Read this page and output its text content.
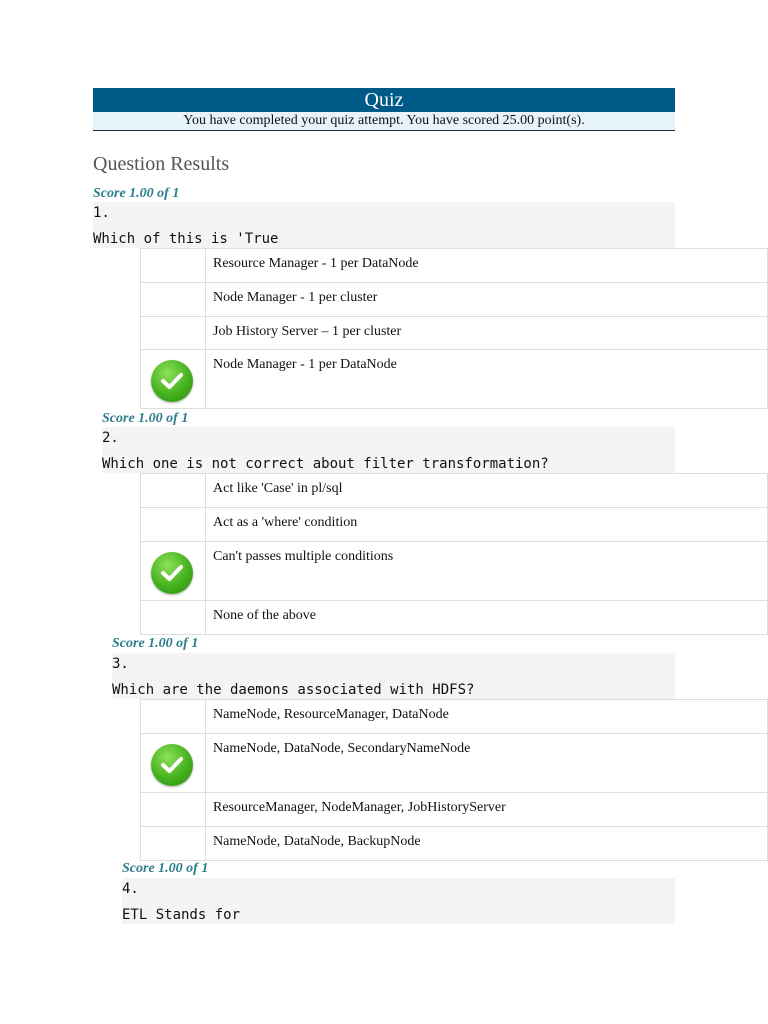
Quiz
You have completed your quiz attempt. You have scored 25.00 point(s).
Question Results
Score 1.00 of 1
1.
Which of this is 'True
	Resource Manager - 1 per DataNode
	Node Manager - 1 per cluster
	Job History Server – 1 per cluster

	Node Manager - 1 per DataNode
Score 1.00 of 1
2.
Which one is not correct about filter transformation?
	Act like 'Case' in pl/sql
	Act as a 'where' condition

	Can't passes multiple conditions
	None of the above
Score 1.00 of 1
3.
Which are the daemons associated with HDFS?
	NameNode, ResourceManager, DataNode

	NameNode, DataNode, SecondaryNameNode
	ResourceManager, NodeManager, JobHistoryServer
	NameNode, DataNode, BackupNode
Score 1.00 of 1
4.
ETL Stands for
